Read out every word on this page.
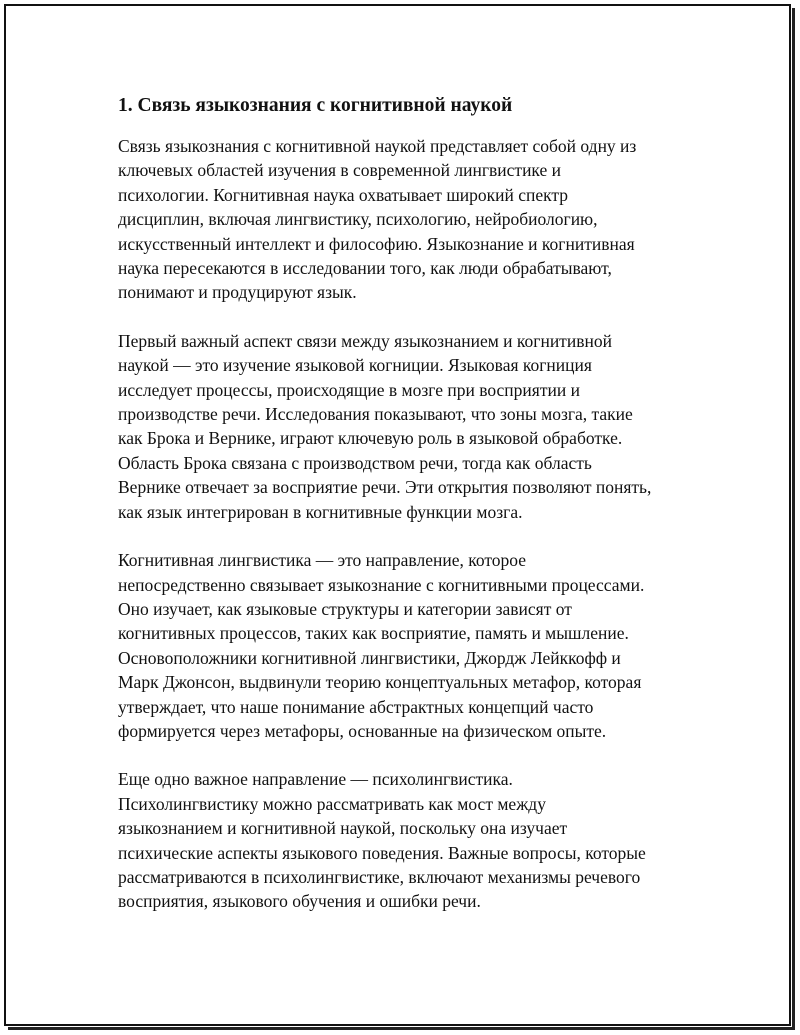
1. Связь языкознания с когнитивной наукой

Связь языкознания с когнитивной наукой представляет собой одну из
ключевых областей изучения в современной лингвистике и
психологии. Когнитивная наука охватывает широкий спектр
дисциплин, включая лингвистику, психологию, нейробиологию,
искусственный интеллект и философию. Языкознание и когнитивная
наука пересекаются в исследовании того, как люди обрабатывают,
понимают и продуцируют язык.

Первый важный аспект связи между языкознанием и когнитивной
наукой — это изучение языковой когниции. Языковая когниция
исследует процессы, происходящие в мозге при восприятии и
производстве речи. Исследования показывают, что зоны мозга, такие
как Брока и Вернике, играют ключевую роль в языковой обработке.
Область Брока связана с производством речи, тогда как область
Вернике отвечает за восприятие речи. Эти открытия позволяют понять,
как язык интегрирован в когнитивные функции мозга.

Когнитивная лингвистика — это направление, которое
непосредственно связывает языкознание с когнитивными процессами.
Оно изучает, как языковые структуры и категории зависят от
когнитивных процессов, таких как восприятие, память и мышление.
Основоположники когнитивной лингвистики, Джордж Лейккофф и
Марк Джонсон, выдвинули теорию концептуальных метафор, которая
утверждает, что наше понимание абстрактных концепций часто
формируется через метафоры, основанные на физическом опыте.

Еще одно важное направление — психолингвистика.
Психолингвистику можно рассматривать как мост между
языкознанием и когнитивной наукой, поскольку она изучает
психические аспекты языкового поведения. Важные вопросы, которые
рассматриваются в психолингвистике, включают механизмы речевого
восприятия, языкового обучения и ошибки речи.
